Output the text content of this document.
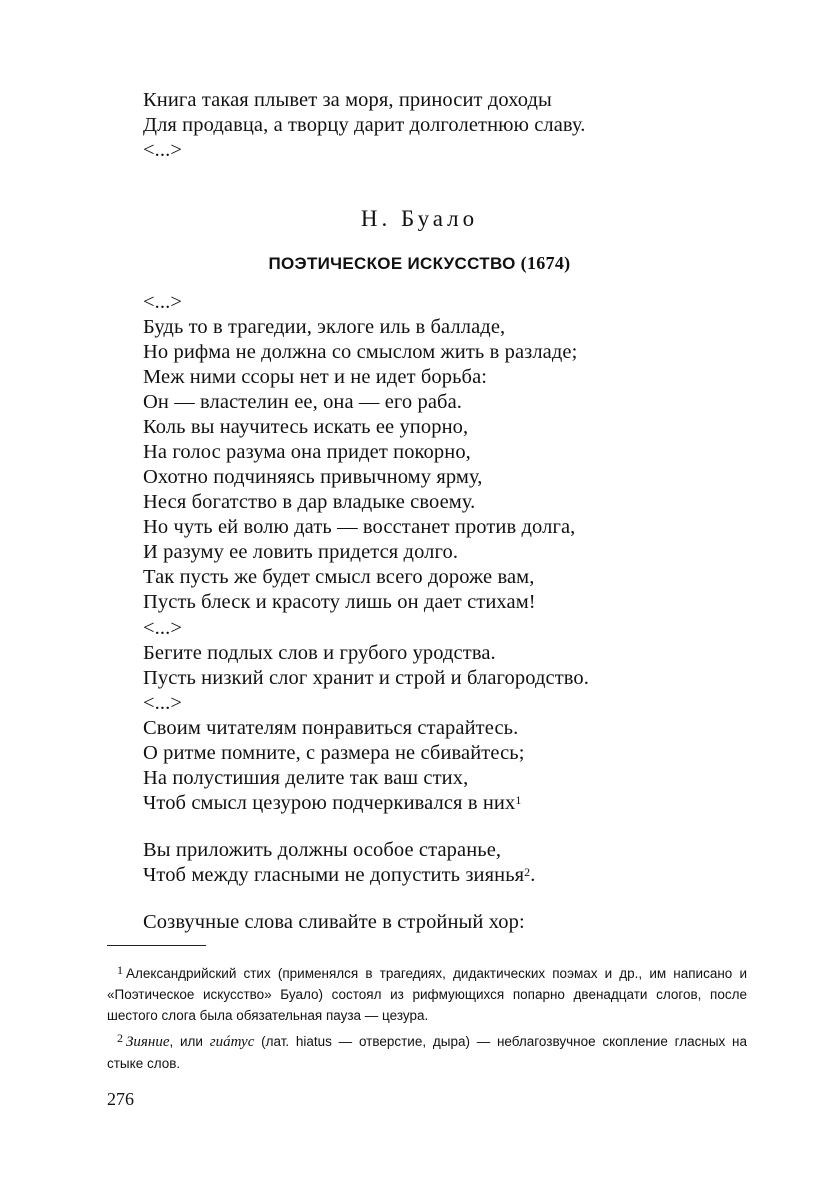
Книга такая плывет за моря, приносит доходы
Для продавца, а творцу дарит долголетнюю славу.
<...>
Н. Буало
ПОЭТИЧЕСКОЕ ИСКУССТВО (1674)
<...>
Будь то в трагедии, эклоге иль в балладе,
Но рифма не должна со смыслом жить в разладе;
Меж ними ссоры нет и не идет борьба:
Он — властелин ее, она — его раба.
Коль вы научитесь искать ее упорно,
На голос разума она придет покорно,
Охотно подчиняясь привычному ярму,
Неся богатство в дар владыке своему.
Но чуть ей волю дать — восстанет против долга,
И разуму ее ловить придется долго.
Так пусть же будет смысл всего дороже вам,
Пусть блеск и красоту лишь он дает стихам!
<...>
Бегите подлых слов и грубого уродства.
Пусть низкий слог хранит и строй и благородство.
<...>
Своим читателям понравиться старайтесь.
О ритме помните, с размера не сбивайтесь;
На полустишия делите так ваш стих,
Чтоб смысл цезурою подчеркивался в них$^1$
Вы приложить должны особое старанье,
Чтоб между гласными не допустить зиянья$^2$.
Созвучные слова сливайте в стройный хор:
1 Александрийский стих (применялся в трагедиях, дидактических поэмах и др., им написано и «Поэтическое искусство» Буало) состоял из рифмующихся попарно двенадцати слогов, после шестого слога была обязательная пауза — цезура.
2 Зияние, или гиáтус (лат. hiatus — отверстие, дыра) — неблагозвучное скопление гласных на стыке слов.
276
